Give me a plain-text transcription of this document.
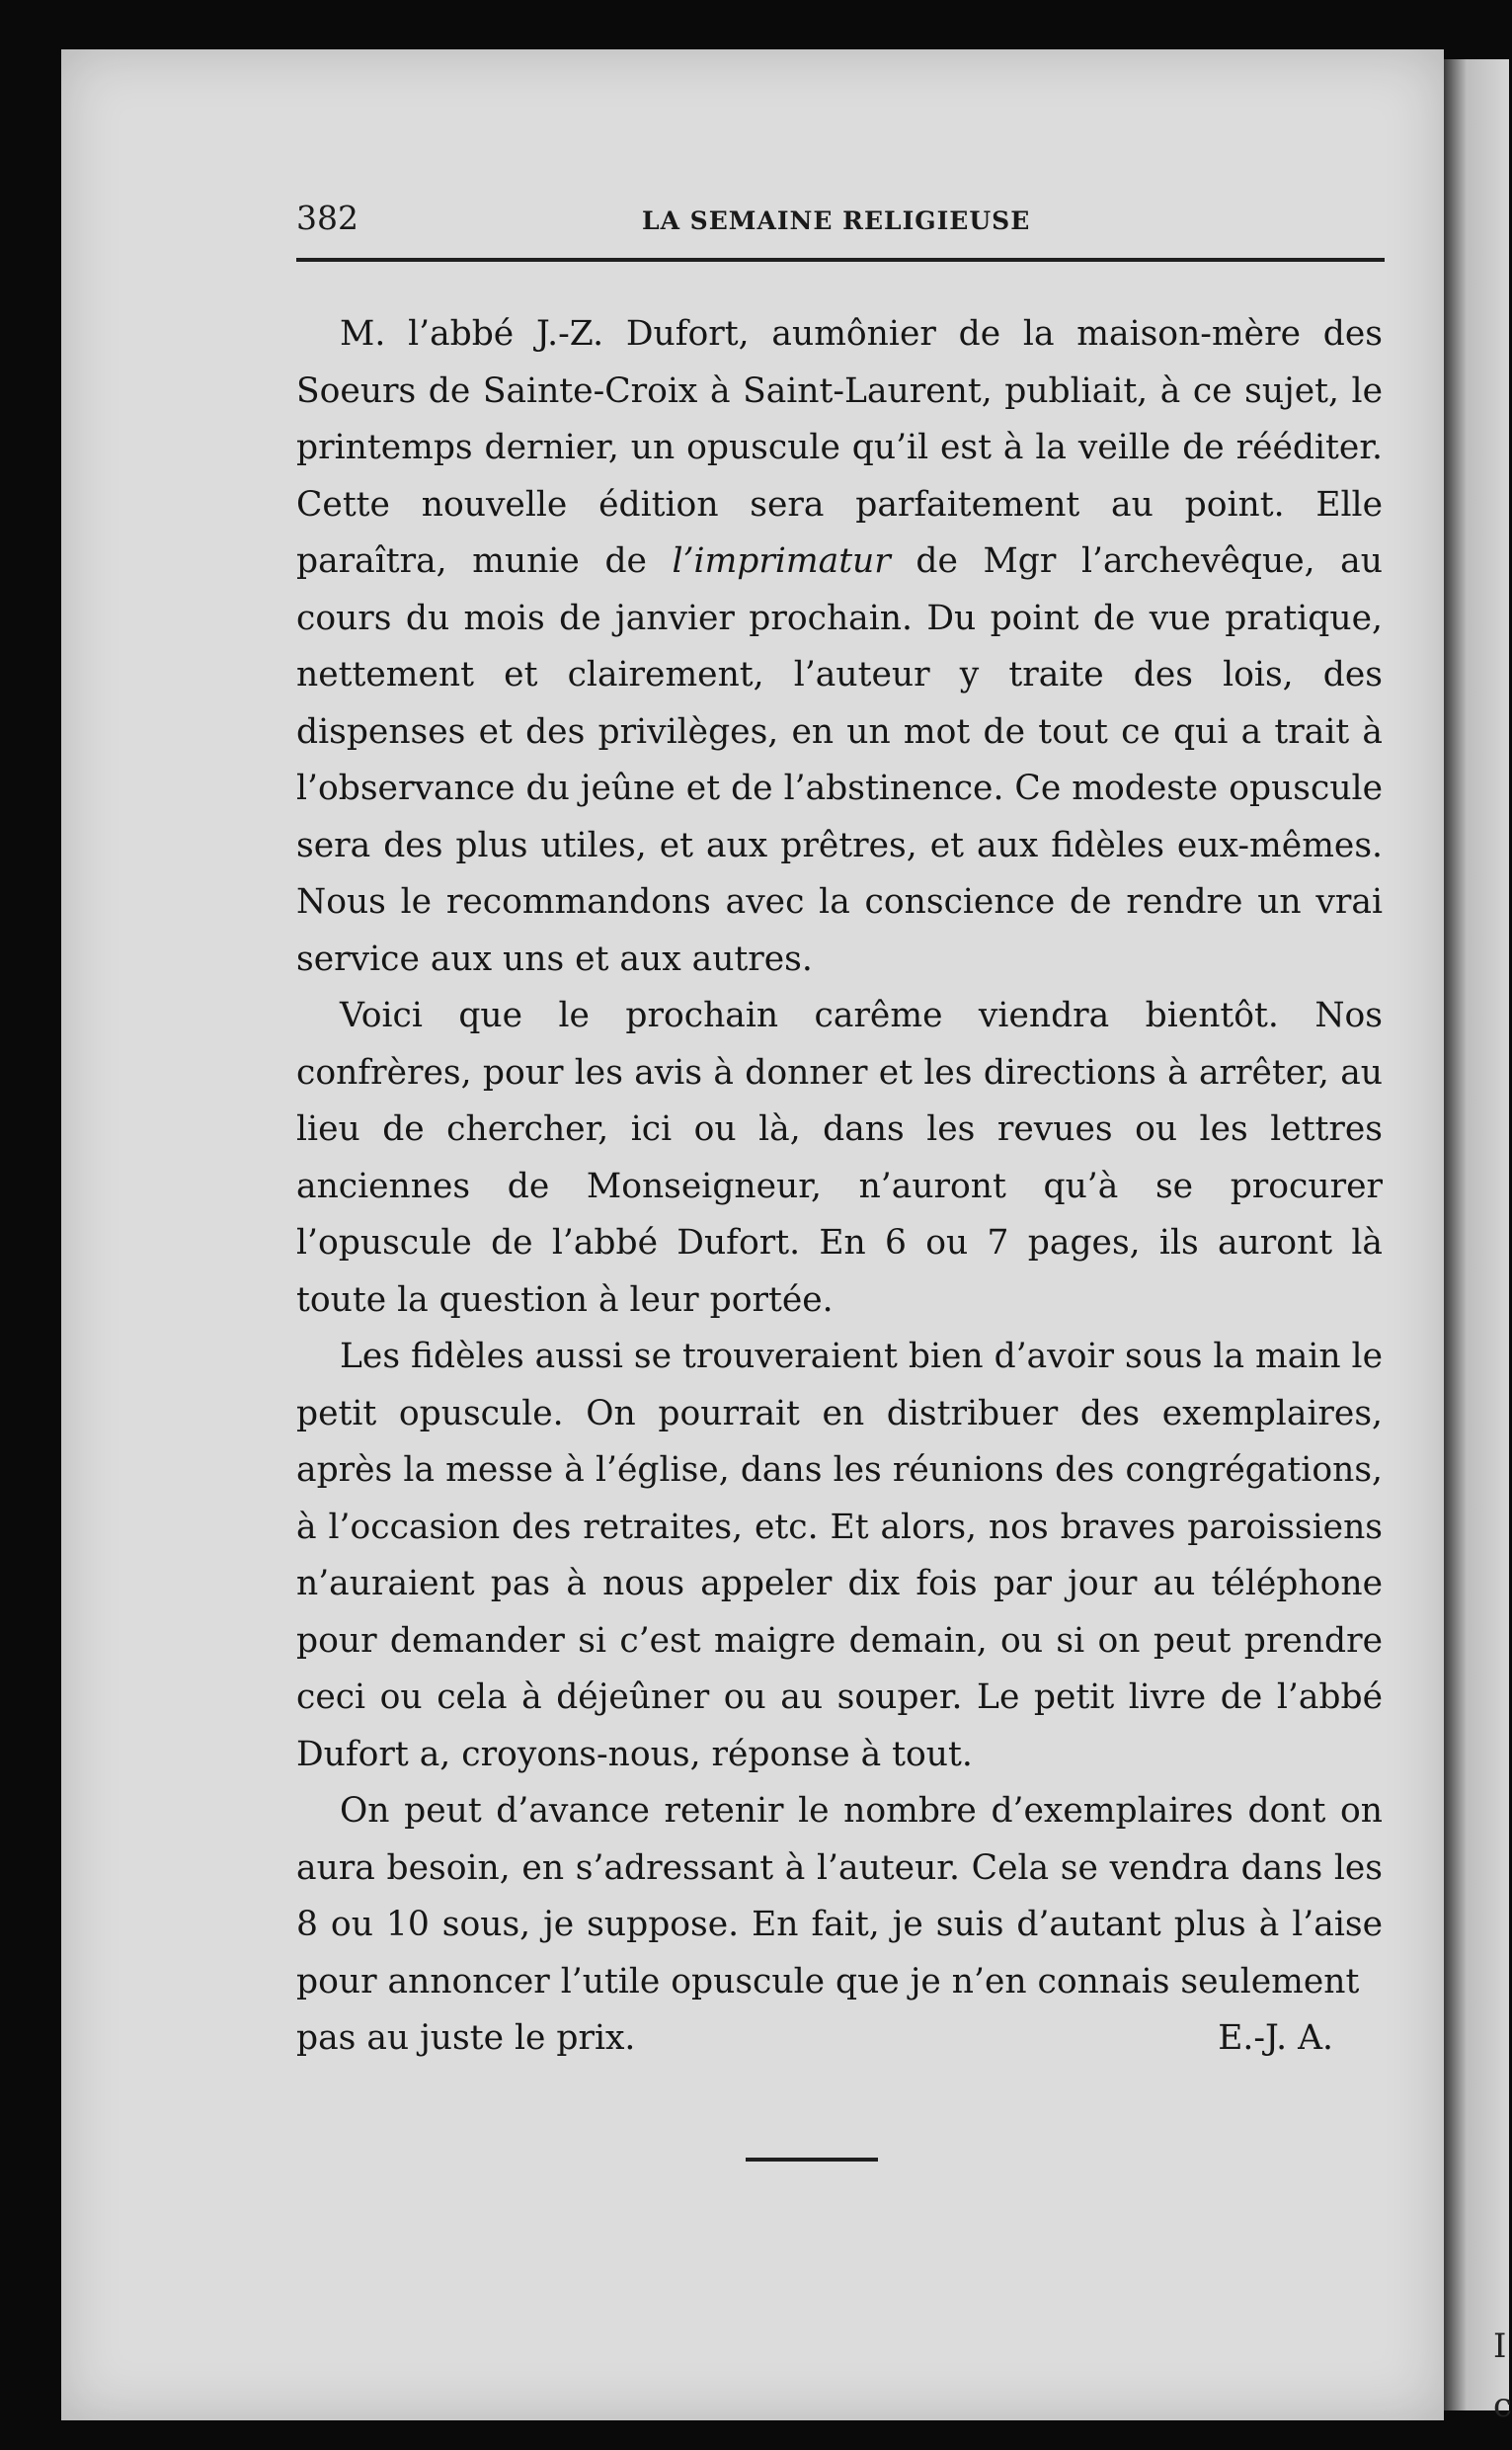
I
c
382	LA SEMAINE RELIGIEUSE

M. l’abbé J.-Z. Dufort, aumônier de la maison-mère des Soeurs de Sainte-Croix à Saint-Laurent, publiait, à ce sujet, le printemps dernier, un opuscule qu’il est à la veille de rééditer. Cette nouvelle édition sera parfaitement au point. Elle paraîtra, munie de l’imprimatur de Mgr l’archevêque, au cours du mois de janvier prochain. Du point de vue pratique, nettement et clairement, l’auteur y traite des lois, des dispenses et des privilèges, en un mot de tout ce qui a trait à l’observance du jeûne et de l’abstinence. Ce modeste opuscule sera des plus utiles, et aux prêtres, et aux fidèles eux-mêmes. Nous le recommandons avec la conscience de rendre un vrai service aux uns et aux autres.

Voici que le prochain carême viendra bientôt. Nos confrères, pour les avis à donner et les directions à arrêter, au lieu de chercher, ici ou là, dans les revues ou les lettres anciennes de Monseigneur, n’auront qu’à se procurer l’opuscule de l’abbé Dufort. En 6 ou 7 pages, ils auront là toute la question à leur portée.

Les fidèles aussi se trouveraient bien d’avoir sous la main le petit opuscule. On pourrait en distribuer des exemplaires, après la messe à l’église, dans les réunions des congrégations, à l’occasion des retraites, etc. Et alors, nos braves paroissiens n’auraient pas à nous appeler dix fois par jour au téléphone pour demander si c’est maigre demain, ou si on peut prendre ceci ou cela à déjeûner ou au souper. Le petit livre de l’abbé Dufort a, croyons-nous, réponse à tout.

On peut d’avance retenir le nombre d’exemplaires dont on aura besoin, en s’adressant à l’auteur. Cela se vendra dans les 8 ou 10 sous, je suppose. En fait, je suis d’autant plus à l’aise pour annoncer l’utile opuscule que je n’en connais seulement

pas au juste le prix.	E.-J. A.
